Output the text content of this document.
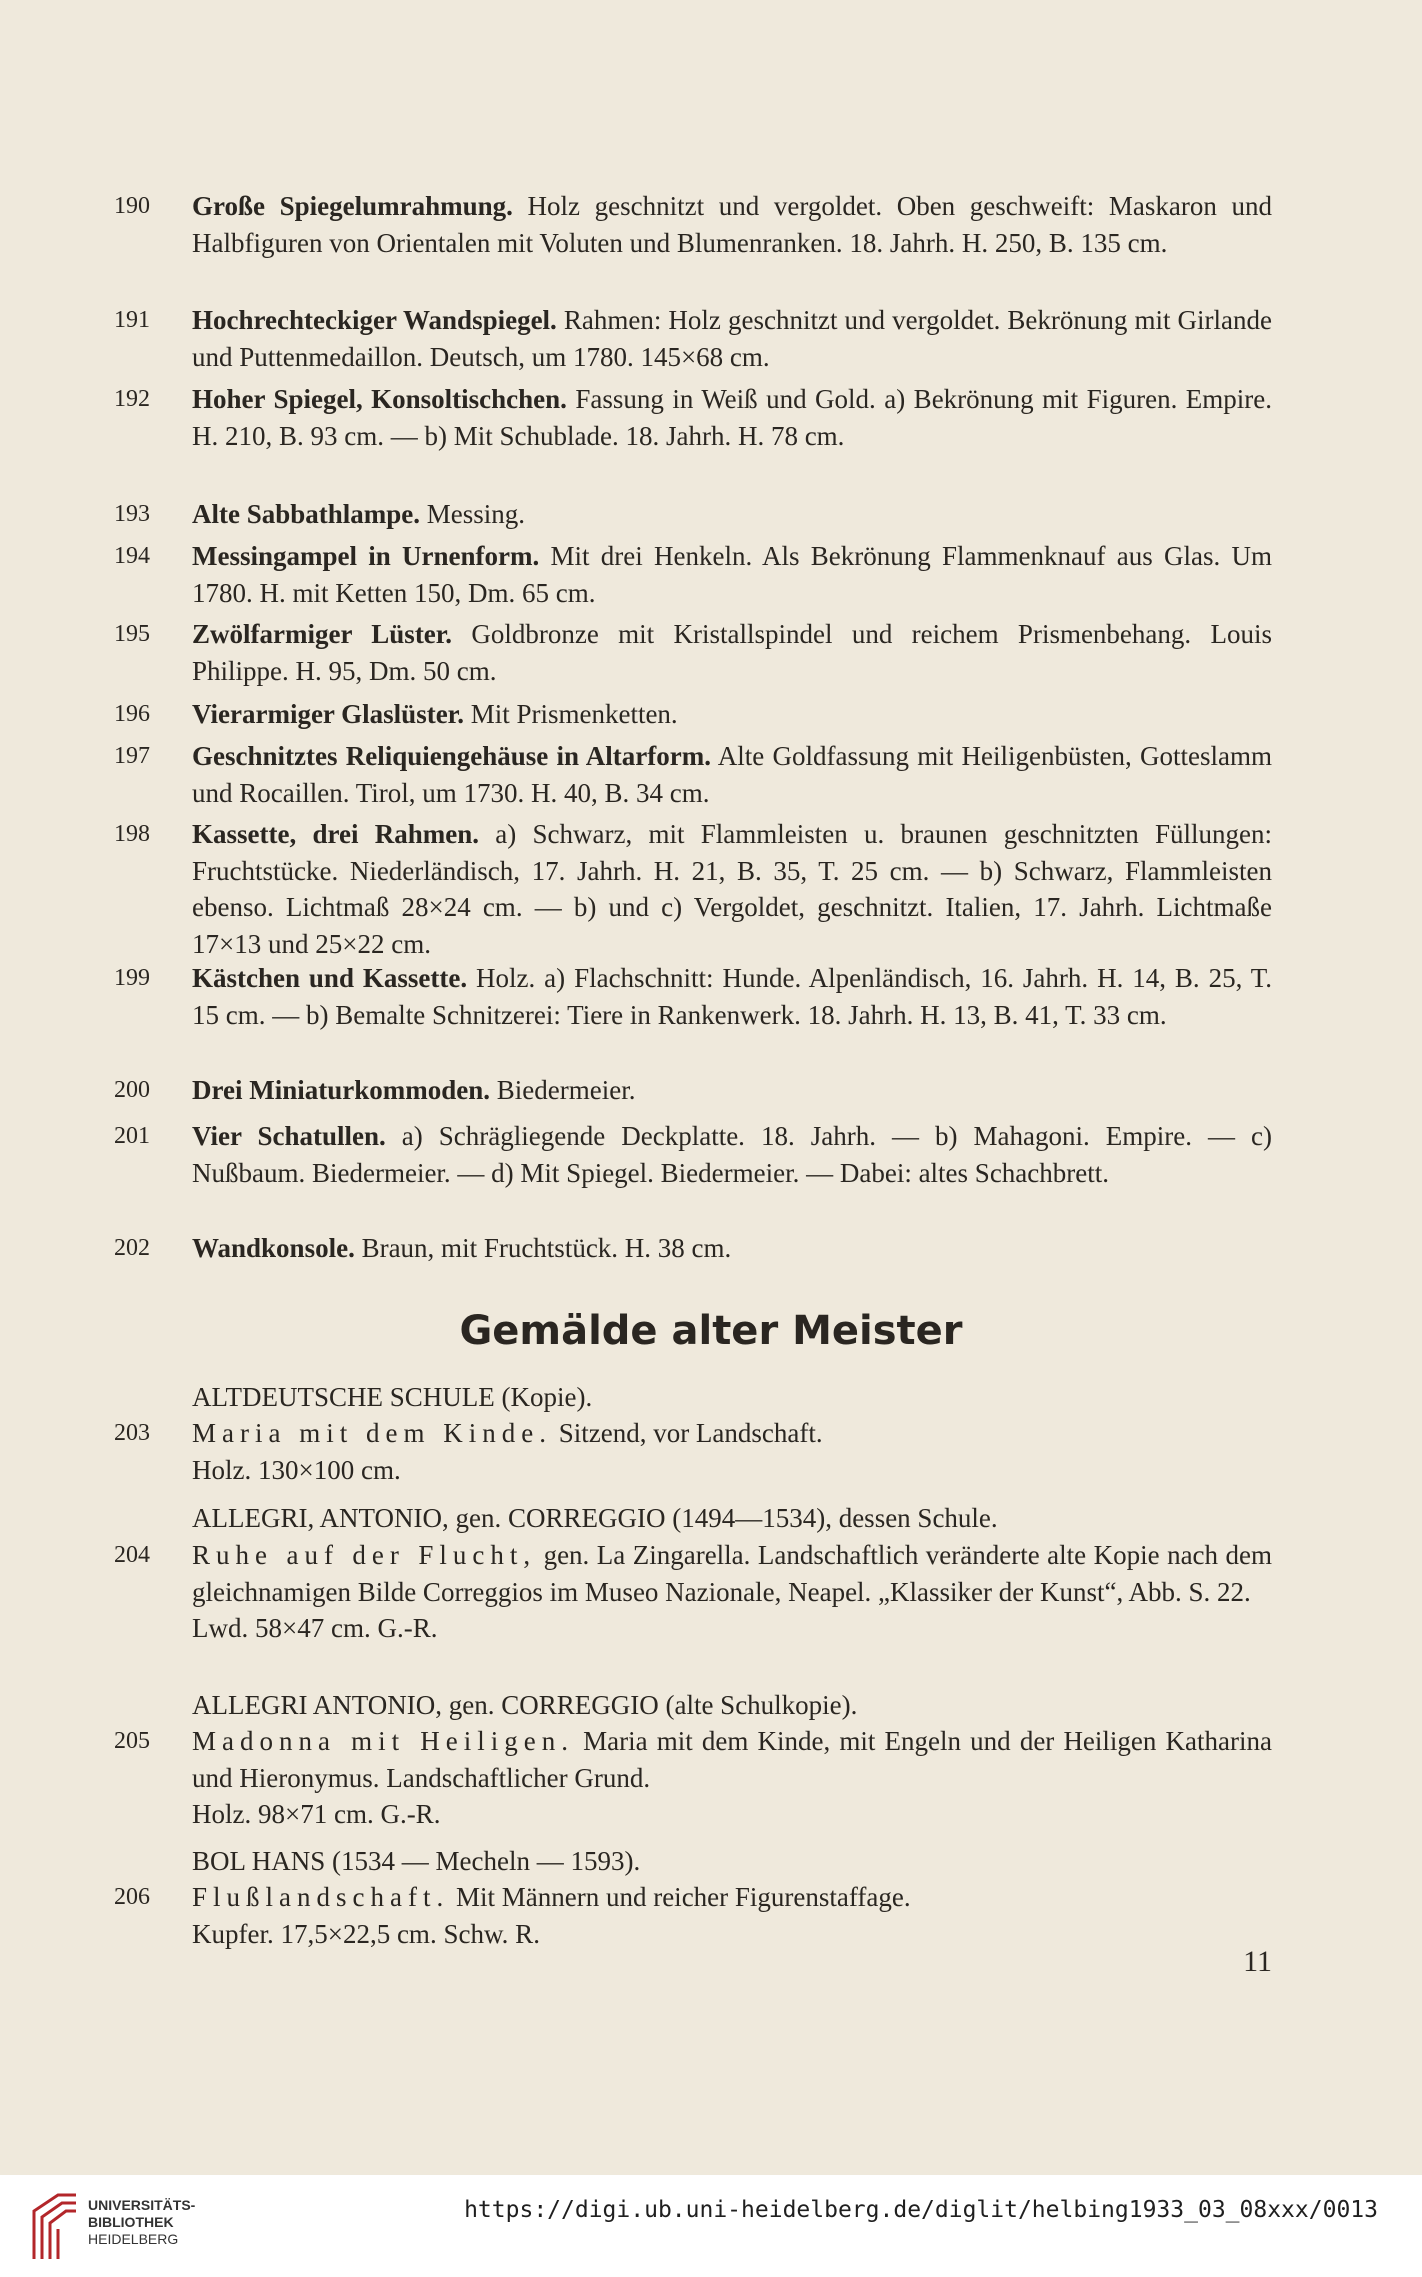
190	Große Spiegelumrahmung. Holz geschnitzt und vergoldet. Oben geschweift: Maskaron und Halbfiguren von Orientalen mit Voluten und Blumenranken. 18. Jahrh. H. 250, B. 135 cm.
191	Hochrechteckiger Wandspiegel. Rahmen: Holz geschnitzt und vergoldet. Bekrönung mit Girlande und Puttenmedaillon. Deutsch, um 1780. 145×68 cm.
192	Hoher Spiegel, Konsoltischchen. Fassung in Weiß und Gold. a) Bekrönung mit Figuren. Empire. H. 210, B. 93 cm. — b) Mit Schublade. 18. Jahrh. H. 78 cm.
193	Alte Sabbathlampe. Messing.
194	Messingampel in Urnenform. Mit drei Henkeln. Als Bekrönung Flammenknauf aus Glas. Um 1780. H. mit Ketten 150, Dm. 65 cm.
195	Zwölfarmiger Lüster. Goldbronze mit Kristallspindel und reichem Prismenbehang. Louis Philippe. H. 95, Dm. 50 cm.
196	Vierarmiger Glaslüster. Mit Prismenketten.
197	Geschnitztes Reliquiengehäuse in Altarform. Alte Goldfassung mit Heiligenbüsten, Gotteslamm und Rocaillen. Tirol, um 1730. H. 40, B. 34 cm.
198	Kassette, drei Rahmen. a) Schwarz, mit Flammleisten u. braunen geschnitzten Füllungen: Fruchtstücke. Niederländisch, 17. Jahrh. H. 21, B. 35, T. 25 cm. — b) Schwarz, Flammleisten ebenso. Lichtmaß 28×24 cm. — b) und c) Vergoldet, geschnitzt. Italien, 17. Jahrh. Lichtmaße 17×13 und 25×22 cm.
199	Kästchen und Kassette. Holz. a) Flachschnitt: Hunde. Alpenländisch, 16. Jahrh. H. 14, B. 25, T. 15 cm. — b) Bemalte Schnitzerei: Tiere in Rankenwerk. 18. Jahrh. H. 13, B. 41, T. 33 cm.
200	Drei Miniaturkommoden. Biedermeier.
201	Vier Schatullen. a) Schrägliegende Deckplatte. 18. Jahrh. — b) Mahagoni. Empire. — c) Nußbaum. Biedermeier. — d) Mit Spiegel. Biedermeier. — Dabei: altes Schachbrett.
202	Wandkonsole. Braun, mit Fruchtstück. H. 38 cm.
Gemälde alter Meister
ALTDEUTSCHE SCHULE (Kopie).
203	Maria mit dem Kinde. Sitzend, vor Landschaft.
Holz. 130×100 cm.
ALLEGRI, ANTONIO, gen. CORREGGIO (1494—1534), dessen Schule.
204	Ruhe auf der Flucht, gen. La Zingarella. Landschaftlich veränderte alte Kopie nach dem gleichnamigen Bilde Correggios im Museo Nazionale, Neapel. „Klassiker der Kunst“, Abb. S. 22.
Lwd. 58×47 cm. G.-R.
ALLEGRI ANTONIO, gen. CORREGGIO (alte Schulkopie).
205	Madonna mit Heiligen. Maria mit dem Kinde, mit Engeln und der Heiligen Katharina und Hieronymus. Landschaftlicher Grund.
Holz. 98×71 cm. G.-R.
BOL HANS (1534 — Mecheln — 1593).
206	Flußlandschaft. Mit Männern und reicher Figurenstaffage.
Kupfer. 17,5×22,5 cm. Schw. R.
11
UNIVERSITÄTS-
BIBLIOTHEK
HEIDELBERG
https://digi.ub.uni-heidelberg.de/diglit/helbing1933_03_08xxx/0013
